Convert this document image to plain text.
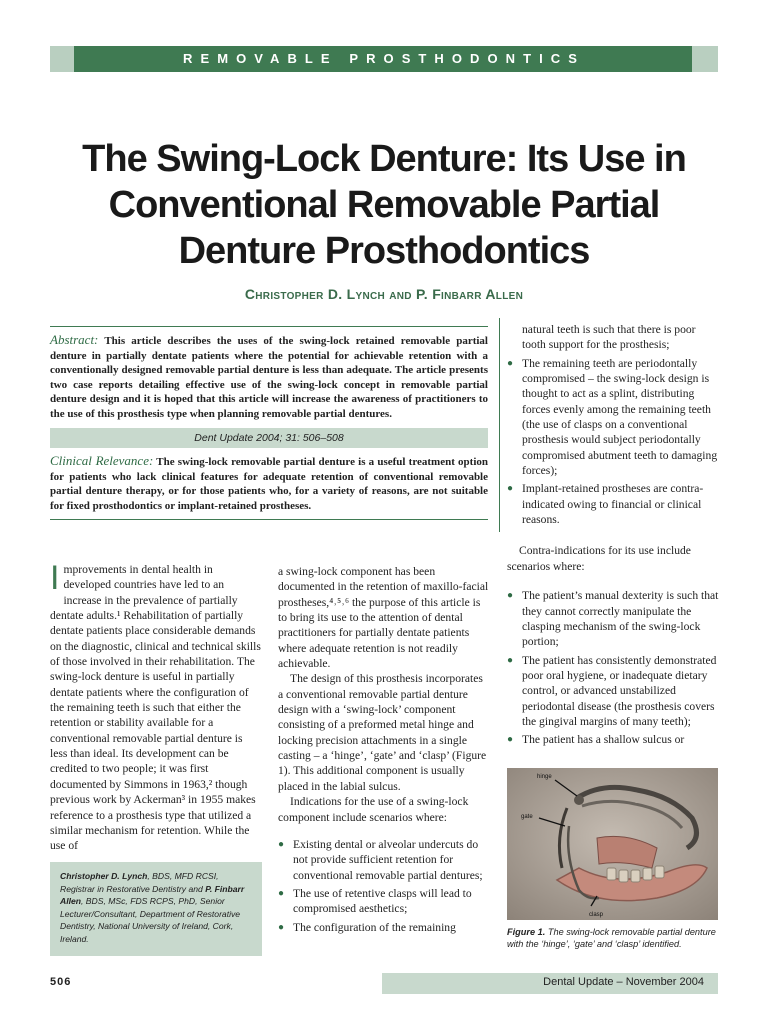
REMOVABLE PROSTHODONTICS
The Swing-Lock Denture: Its Use in
Conventional Removable Partial
Denture Prosthodontics
Christopher D. Lynch and P. Finbarr Allen

Abstract: This article describes the uses of the swing-lock retained removable partial denture in partially dentate patients where the potential for achievable retention with a conventionally designed removable partial denture is less than adequate. The article presents two case reports detailing effective use of the swing-lock concept in removable partial denture design and it is hoped that this article will increase the awareness of practitioners to the use of this prosthesis type when planning removable partial dentures.

Dent Update 2004; 31: 506–508

Clinical Relevance: The swing-lock removable partial denture is a useful treatment option for patients who lack clinical features for adequate retention of conventional removable partial denture therapy, or for those patients who, for a variety of reasons, are not suitable for fixed prosthodontics or implant-retained prostheses.

Improvements in dental health in developed countries have led to an increase in the prevalence of partially dentate adults.¹ Rehabilitation of partially dentate patients place considerable demands on the diagnostic, clinical and technical skills of those involved in their rehabilitation. The swing-lock denture is useful in partially dentate patients where the configuration of the remaining teeth is such that either the retention or stability available for a conventional removable partial denture is less than ideal. Its development can be credited to two people; it was first documented by Simmons in 1963,² though previous work by Ackerman³ in 1955 makes reference to a prosthesis type that utilized a similar mechanism for retention. While the use of

Christopher D. Lynch, BDS, MFD RCSI, Registrar in Restorative Dentistry and P. Finbarr Allen, BDS, MSc, FDS RCPS, PhD, Senior Lecturer/Consultant, Department of Restorative Dentistry, National University of Ireland, Cork, Ireland.

a swing-lock component has been documented in the retention of maxillo-facial prostheses,⁴˒⁵˒⁶ the purpose of this article is to bring its use to the attention of dental practitioners for partially dentate patients where adequate retention is not readily achievable.

The design of this prosthesis incorporates a conventional removable partial denture design with a ‘swing-lock’ component consisting of a preformed metal hinge and locking precision attachments in a single casting – a ‘hinge’, ‘gate’ and ‘clasp’ (Figure 1). This additional component is usually placed in the labial sulcus.

Indications for the use of a swing-lock component include scenarios where:

● Existing dental or alveolar undercuts do not provide sufficient retention for conventional removable partial dentures;
● The use of retentive clasps will lead to compromised aesthetics;
● The configuration of the remaining

natural teeth is such that there is poor tooth support for the prosthesis;

● The remaining teeth are periodontally compromised – the swing-lock design is thought to act as a splint, distributing forces evenly among the remaining teeth (the use of clasps on a conventional prosthesis would subject periodontally compromised abutment teeth to damaging forces);
● Implant-retained prostheses are contra-indicated owing to financial or clinical reasons.

Contra-indications for its use include scenarios where:

● The patient’s manual dexterity is such that they cannot correctly manipulate the clasping mechanism of the swing-lock portion;
● The patient has consistently demonstrated poor oral hygiene, or inadequate dietary control, or advanced unstabilized periodontal disease (the prosthesis covers the gingival margins of many teeth);
● The patient has a shallow sulcus or
hinge
gate
clasp
Figure 1. The swing-lock removable partial denture with the ‘hinge’, ‘gate’ and ‘clasp’ identified.
506	Dental Update – November 2004
